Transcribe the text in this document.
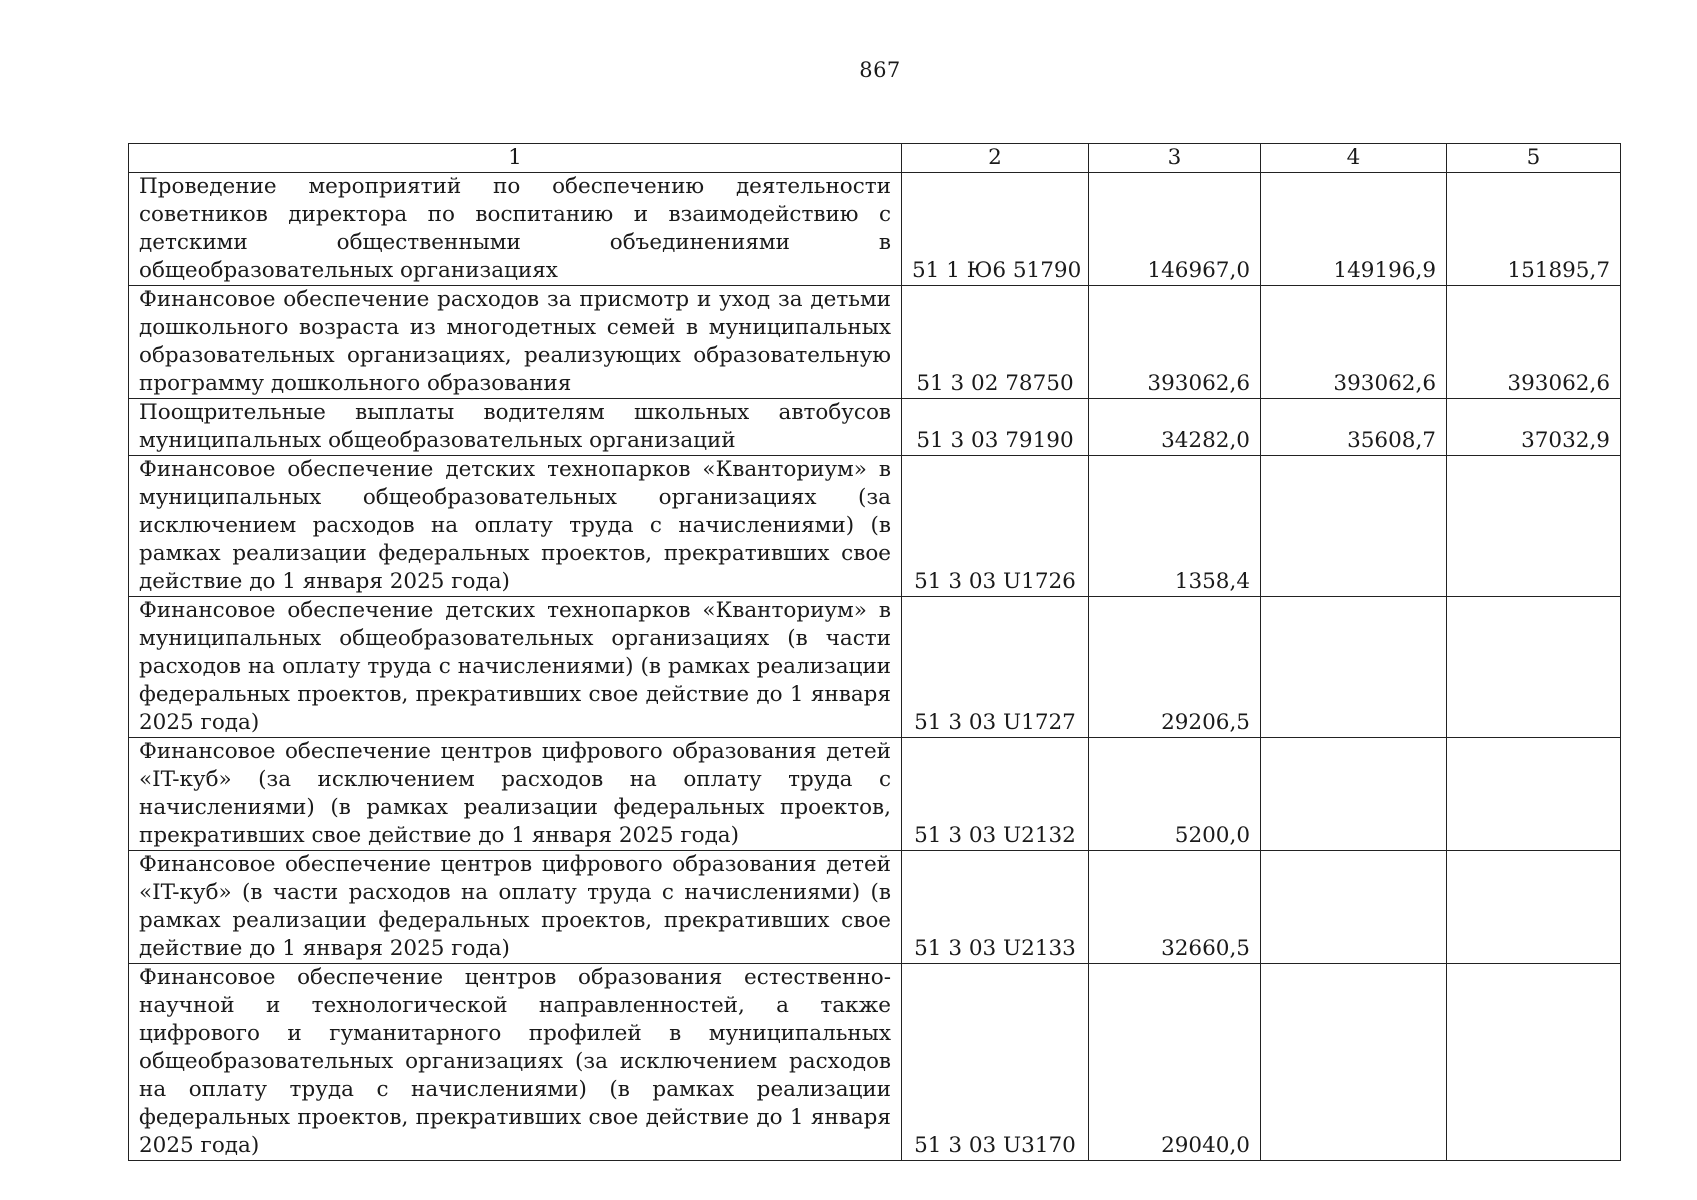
867
1	2	3	4	5
Проведение мероприятий по обеспечению деятельности советников директора по воспитанию и взаимодействию с детскими общественными объединениями в общеобразовательных организациях	51 1 Ю6 51790	146967,0	149196,9	151895,7
Финансовое обеспечение расходов за присмотр и уход за детьми дошкольного возраста из многодетных семей в муниципальных образовательных организациях, реализующих образовательную программу дошкольного образования	51 3 02 78750	393062,6	393062,6	393062,6
Поощрительные выплаты водителям школьных автобусов муниципальных общеобразовательных организаций	51 3 03 79190	34282,0	35608,7	37032,9
Финансовое обеспечение детских технопарков «Кванториум» в муниципальных общеобразовательных организациях (за исключением расходов на оплату труда с начислениями) (в рамках реализации федеральных проектов, прекративших свое действие до 1 января 2025 года)	51 3 03 U1726	1358,4		
Финансовое обеспечение детских технопарков «Кванториум» в муниципальных общеобразовательных организациях (в части расходов на оплату труда с начислениями) (в рамках реализации федеральных проектов, прекративших свое действие до 1 января 2025 года)	51 3 03 U1727	29206,5		
Финансовое обеспечение центров цифрового образования детей «IT-куб» (за исключением расходов на оплату труда с начислениями) (в рамках реализации федеральных проектов, прекративших свое действие до 1 января 2025 года)	51 3 03 U2132	5200,0		
Финансовое обеспечение центров цифрового образования детей «IT-куб» (в части расходов на оплату труда с начислениями) (в рамках реализации федеральных проектов, прекративших свое действие до 1 января 2025 года)	51 3 03 U2133	32660,5		
Финансовое обеспечение центров образования естественно-научной и технологической направленностей, а также цифрового и гуманитарного профилей в муниципальных общеобразовательных организациях (за исключением расходов на оплату труда с начислениями) (в рамках реализации федеральных проектов, прекративших свое действие до 1 января 2025 года)	51 3 03 U3170	29040,0		
